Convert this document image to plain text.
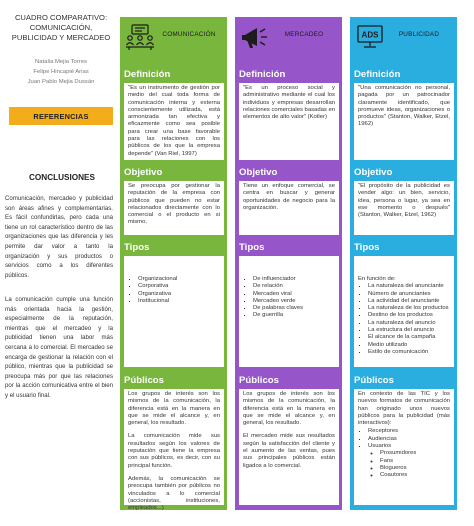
CUADRO COMPARATIVO:
COMUNICACIÓN,
PUBLICIDAD Y MERCADEO
Natalia Mejia Torres
Felipe Hincapié Arias
Juan Pablo Mejia Dussán
REFERENCIAS
CONCLUSIONES

Comunicación, mercadeo y publicidad son áreas afines y complementarias. Es fácil confundirlas, pero cada una tiene un rol característico dentro de las organizaciones que las diferencia y les permite dar valor a tanto la organización y sus productos o servicios como a los diferentes públicos.

La comunicación cumple una función más orientada hacia la gestión, especialmente de la reputación, mientras que el mercadeo y la publicidad tienen una labor más cercana a lo comercial. El mercadeo se encarga de gestionar la relación con el público, mientras que la publicidad se preocupa más por que las relaciones por la acción comunicativa entre el bien y el usuario final.

COMUNICACIÓN
Definición

"Es un instrumento de gestión por medio del cual toda forma de comunicación interna y externa conscientemente utilizada, está armonizada tan efectiva y eficazmente como sea posible para crear una base favorable para las relaciones con los públicos de los que la empresa depende" (Van Riel, 1997)

Objetivo

Se preocupa por gestionar la reputación de la empresa con públicos que pueden no estar relacionados directamente con lo comercial o el producto en si mismo.

Tipos
▪ Organizacional
▪ Corporativa
▪ Organizativa
▪ Institucional
Públicos

Los grupos de interés son los mismos de la comunicación, la diferencia está en la manera en que se mide el alcance y, en general, los resultado.

La comunicación mide sus resultados según los valores de reputación que tiene la empresa con sus públicos, es decir, con su principal función.

Además, la comunicación se preocupa también por públicos no vinculados a lo comercial (accionistas, instituciones, empleados...)

MERCADEO
Definición

"Es un proceso social y administrativo mediante el cual los individuos y empresas desarrollan relaciones comerciales basadas en elementos de alto valor" (Kotler)

Objetivo

Tiene un enfoque comercial, se centra en buscar y generar oportunidades de negocio para la organización.

Tipos
▪ De influenciador
▪ De relación
▪ Mercadeo viral
▪ Mercadeo verde
▪ De palabras claves
▪ De guerrilla
Públicos

Los grupos de interés son los mismos de la comunicación, la diferencia está en la manera en que se mide el alcance y, en general, los resultado.

El mercadeo mide sus resultados según la satisfacción del cliente y el aumento de las ventas, pues sus principales públicos están ligados a lo comercial.

ADS	PUBLICIDAD
Definición

"Una comunicación no personal, pagada por un patrocinador claramente identificado, que promueve ideas, organizaciones o productos" (Stanton, Walker, Etzel, 1962)

Objetivo

"El propósito de la publicidad es vender algo: un bien, servicio, idea, persona o lugar, ya sea en ese momento o después" (Stanton, Walker, Etzel, 1962)

Tipos
En función de:
▪ La naturaleza del anunciante
▪ Número de anunciantes
▪ La actividad del anunciante
▪ La naturaleza de los productos
▪ Destino de los productos
▪ La naturaleza del anuncio
▪ La estructura del anuncio
▪ El alcance de la campaña
▪ Medio utilizado
▪ Estilo de comunicación
Públicos

En contexto de las TIC y los nuevos formatos de comunicación han originado unos nuevos públicos para la publicidad (más interactivos):

▪ Receptores
▪ Audiencias
▪ Usuarios
◦ Prosumidores
◦ Fans
◦ Blogueros
◦ Coautores
